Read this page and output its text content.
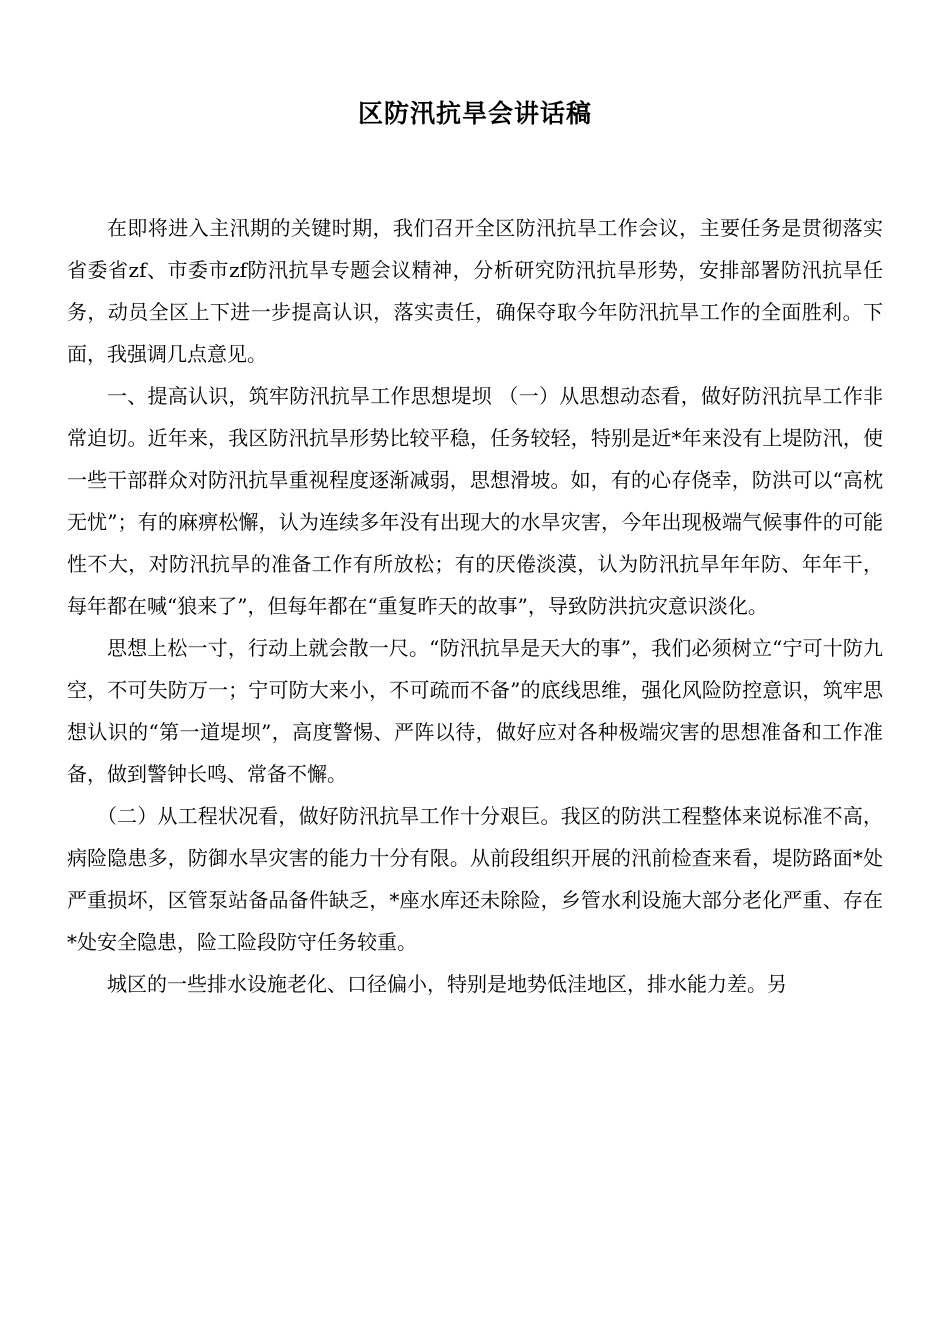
区防汛抗旱会讲话稿

在即将进入主汛期的关键时期，我们召开全区防汛抗旱工作会议，主要任务是贯彻落实省委省zf、市委市zf防汛抗旱专题会议精神，分析研究防汛抗旱形势，安排部署防汛抗旱任务，动员全区上下进一步提高认识，落实责任，确保夺取今年防汛抗旱工作的全面胜利。下面，我强调几点意见。

一、提高认识，筑牢防汛抗旱工作思想堤坝 （一）从思想动态看，做好防汛抗旱工作非常迫切。近年来，我区防汛抗旱形势比较平稳，任务较轻，特别是近*年来没有上堤防汛，使一些干部群众对防汛抗旱重视程度逐渐减弱，思想滑坡。如，有的心存侥幸，防洪可以“高枕无忧”；有的麻痹松懈，认为连续多年没有出现大的水旱灾害，今年出现极端气候事件的可能性不大，对防汛抗旱的准备工作有所放松；有的厌倦淡漠，认为防汛抗旱年年防、年年干，每年都在喊“狼来了”，但每年都在“重复昨天的故事”，导致防洪抗灾意识淡化。

思想上松一寸，行动上就会散一尺。“防汛抗旱是天大的事”，我们必须树立“宁可十防九空，不可失防万一；宁可防大来小，不可疏而不备”的底线思维，强化风险防控意识，筑牢思想认识的“第一道堤坝”，高度警惕、严阵以待，做好应对各种极端灾害的思想准备和工作准备，做到警钟长鸣、常备不懈。

（二）从工程状况看，做好防汛抗旱工作十分艰巨。我区的防洪工程整体来说标准不高，病险隐患多，防御水旱灾害的能力十分有限。从前段组织开展的汛前检查来看，堤防路面*处严重损坏，区管泵站备品备件缺乏，*座水库还未除险，乡管水利设施大部分老化严重、存在*处安全隐患，险工险段防守任务较重。

城区的一些排水设施老化、口径偏小，特别是地势低洼地区，排水能力差。另
